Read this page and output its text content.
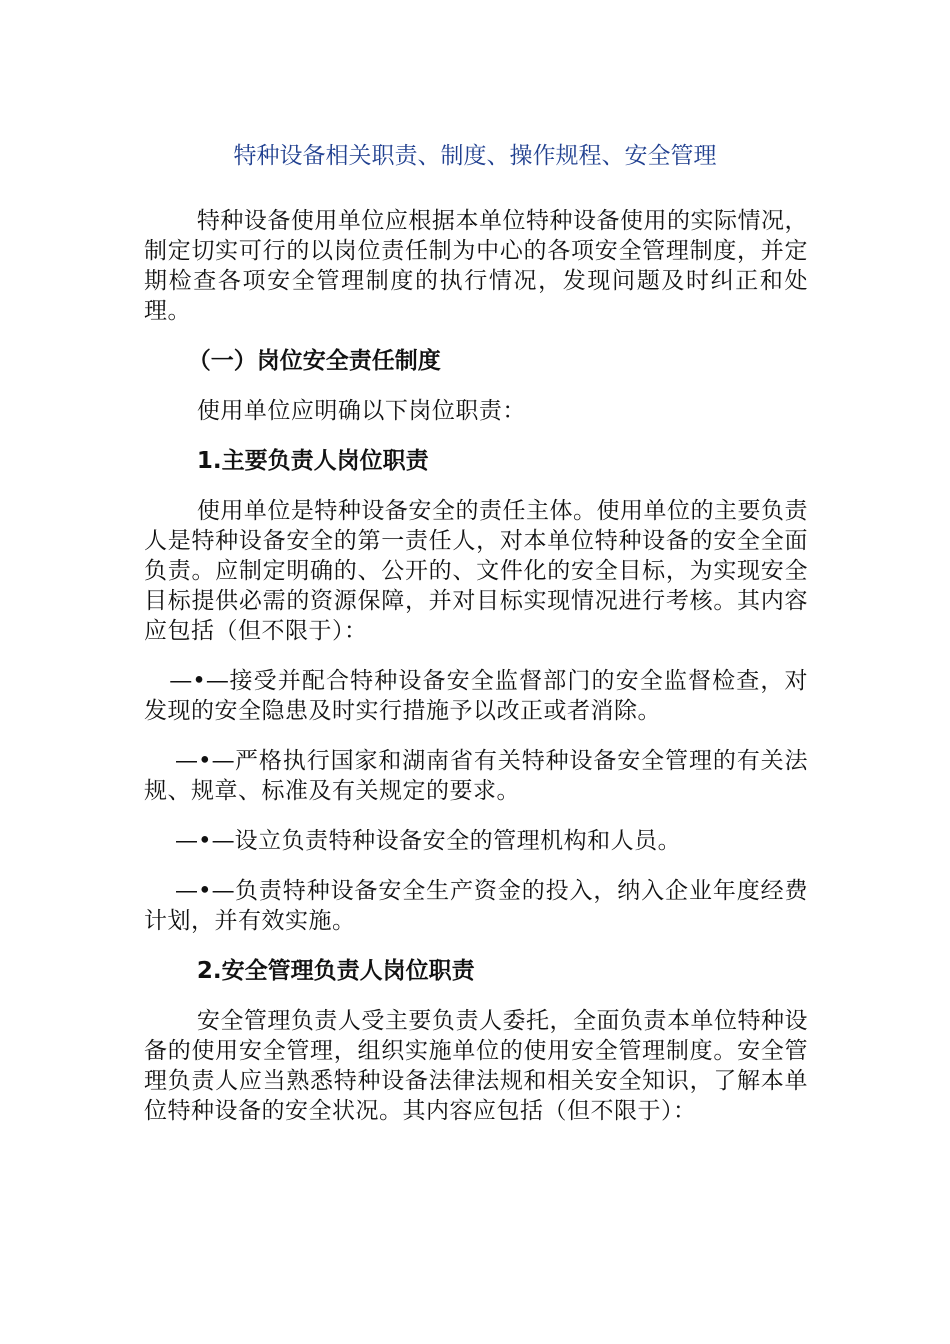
特种设备相关职责、制度、操作规程、安全管理

特种设备使用单位应根据本单位特种设备使用的实际情况，制定切实可行的以岗位责任制为中心的各项安全管理制度，并定期检查各项安全管理制度的执行情况，发现问题及时纠正和处理。

（一）岗位安全责任制度

使用单位应明确以下岗位职责：

1.主要负责人岗位职责

使用单位是特种设备安全的责任主体。使用单位的主要负责人是特种设备安全的第一责任人，对本单位特种设备的安全全面负责。应制定明确的、公开的、文件化的安全目标，为实现安全目标提供必需的资源保障，并对目标实现情况进行考核。其内容应包括（但不限于）：

—•—接受并配合特种设备安全监督部门的安全监督检查，对发现的安全隐患及时实行措施予以改正或者消除。

—•—严格执行国家和湖南省有关特种设备安全管理的有关法规、规章、标准及有关规定的要求。

—•—设立负责特种设备安全的管理机构和人员。

—•—负责特种设备安全生产资金的投入，纳入企业年度经费计划，并有效实施。

2.安全管理负责人岗位职责

安全管理负责人受主要负责人委托，全面负责本单位特种设备的使用安全管理，组织实施单位的使用安全管理制度。安全管理负责人应当熟悉特种设备法律法规和相关安全知识，了解本单位特种设备的安全状况。其内容应包括（但不限于）：
